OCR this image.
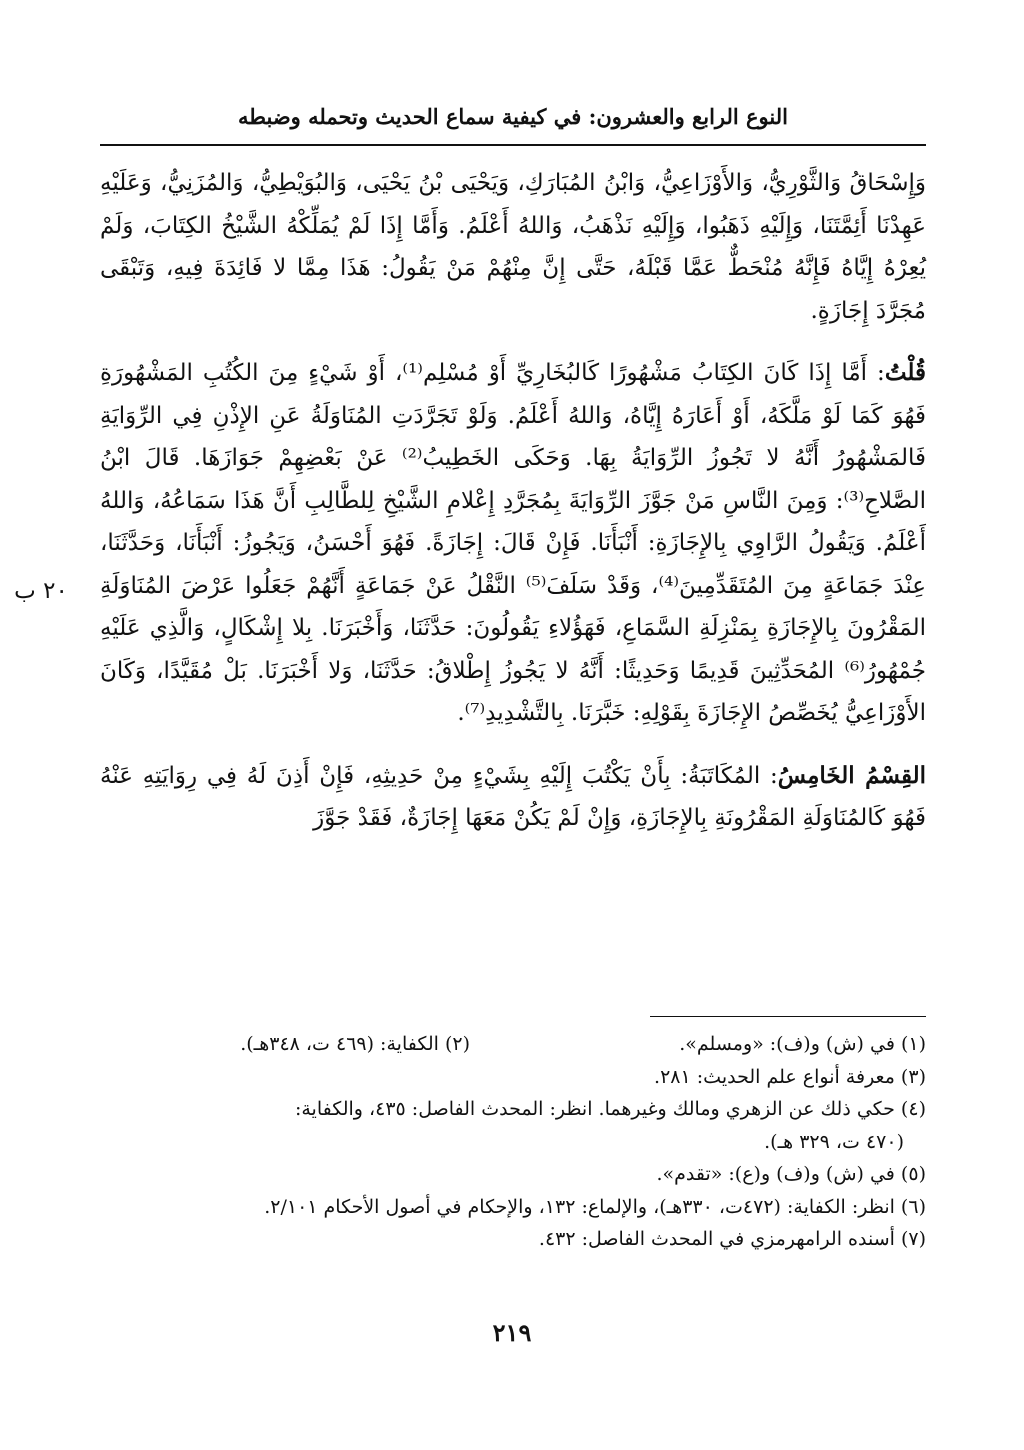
النوع الرابع والعشرون: في كيفية سماع الحديث وتحمله وضبطه
٢٠ ب

وَإِسْحَاقُ وَالثَّوْرِيُّ، وَالأَوْزَاعِيُّ، وَابْنُ المُبَارَكِ، وَيَحْيَى بْنُ يَحْيَى، وَالبُوَيْطِيُّ، وَالمُزَنِيُّ، وَعَلَيْهِ عَهِدْنَا أَئِمَّتَنَا، وَإِلَيْهِ ذَهَبُوا، وَإِلَيْهِ نَذْهَبُ، وَاللهُ أَعْلَمُ. وَأَمَّا إِذَا لَمْ يُمَلِّكْهُ الشَّيْخُ الكِتَابَ، وَلَمْ يُعِرْهُ إِيَّاهُ فَإِنَّهُ مُنْحَطٌّ عَمَّا قَبْلَهُ، حَتَّى إِنَّ مِنْهُمْ مَنْ يَقُولُ: هَذَا مِمَّا لا فَائِدَةَ فِيهِ، وَتَبْقَى مُجَرَّدَ إِجَازَةٍ.

قُلْتُ: أَمَّا إِذَا كَانَ الكِتَابُ مَشْهُورًا كَالبُخَارِيِّ أَوْ مُسْلِم⁽¹⁾، أَوْ شَيْءٍ مِنَ الكُتُبِ المَشْهُورَةِ فَهُوَ كَمَا لَوْ مَلَّكَهُ، أَوْ أَعَارَهُ إِيَّاهُ، وَاللهُ أَعْلَمُ. وَلَوْ تَجَرَّدَتِ المُنَاوَلَةُ عَنِ الإِذْنِ فِي الرِّوَايَةِ فَالمَشْهُورُ أَنَّهُ لا تَجُوزُ الرِّوَايَةُ بِهَا. وَحَكَى الخَطِيبُ⁽²⁾ عَنْ بَعْضِهِمْ جَوَازَهَا. قَالَ ابْنُ الصَّلاحِ⁽³⁾: وَمِنَ النَّاسِ مَنْ جَوَّزَ الرِّوَايَةَ بِمُجَرَّدِ إِعْلامِ الشَّيْخِ لِلطَّالِبِ أَنَّ هَذَا سَمَاعُهُ، وَاللهُ أَعْلَمُ. وَيَقُولُ الرَّاوِي بِالإِجَازَةِ: أَنْبَأَنَا. فَإِنْ قَالَ: إِجَازَةً. فَهُوَ أَحْسَنُ، وَيَجُوزُ: أَنْبَأَنَا، وَحَدَّثَنَا، عِنْدَ جَمَاعَةٍ مِنَ المُتَقَدِّمِينَ⁽⁴⁾، وَقَدْ سَلَفَ⁽⁵⁾ النَّقْلُ عَنْ جَمَاعَةٍ أَنَّهُمْ جَعَلُوا عَرْضَ المُنَاوَلَةِ المَقْرُونَ بِالإِجَازَةِ بِمَنْزِلَةِ السَّمَاعِ، فَهَؤُلاءِ يَقُولُونَ: حَدَّثَنَا، وَأَخْبَرَنَا. بِلا إِشْكَالٍ، وَالَّذِي عَلَيْهِ جُمْهُورُ⁽⁶⁾ المُحَدِّثِينَ قَدِيمًا وَحَدِيثًا: أَنَّهُ لا يَجُوزُ إِطْلاقُ: حَدَّثَنَا، وَلا أَخْبَرَنَا. بَلْ مُقَيَّدًا، وَكَانَ الأَوْزَاعِيُّ يُخَصِّصُ الإِجَازَةَ بِقَوْلِهِ: خَبَّرَنَا. بِالتَّشْدِيدِ⁽⁷⁾.

القِسْمُ الخَامِسُ: المُكَاتَبَةُ: بِأَنْ يَكْتُبَ إِلَيْهِ بِشَيْءٍ مِنْ حَدِيثِهِ، فَإِنْ أَذِنَ لَهُ فِي رِوَايَتِهِ عَنْهُ فَهُوَ كَالمُنَاوَلَةِ المَقْرُونَةِ بِالإِجَازَةِ، وَإِنْ لَمْ يَكُنْ مَعَهَا إِجَازَةٌ، فَقَدْ جَوَّزَ

(١) في (ش) و(ف): «ومسلم».
(٢) الكفاية: (٤٦٩ ت، ٣٤٨هـ).
(٣) معرفة أنواع علم الحديث: ٢٨١.
(٤) حكي ذلك عن الزهري ومالك وغيرهما. انظر: المحدث الفاصل: ٤٣٥، والكفاية:
(٤٧٠ ت، ٣٢٩ هـ).
(٥) في (ش) و(ف) و(ع): «تقدم».
(٦) انظر: الكفاية: (٤٧٢ت، ٣٣٠هـ)، والإلماع: ١٣٢، والإحكام في أصول الأحكام ٢/١٠١.
(٧) أسنده الرامهرمزي في المحدث الفاصل: ٤٣٢.
٢١٩
